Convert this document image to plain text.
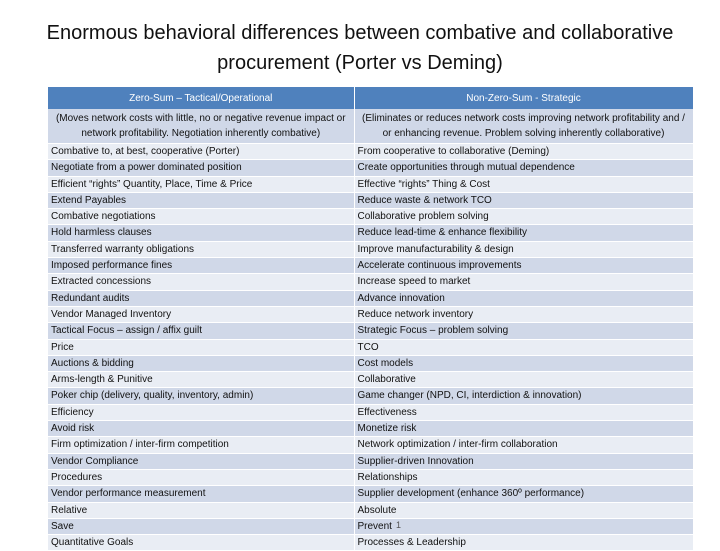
Enormous behavioral differences between combative and collaborative procurement (Porter vs Deming)
Zero-Sum – Tactical/Operational	Non-Zero-Sum - Strategic
(Moves network costs with little, no or negative revenue impact or network profitability. Negotiation inherently combative)	(Eliminates or reduces network costs improving network profitability and / or enhancing revenue. Problem solving inherently collaborative)
Combative to, at best, cooperative (Porter)	From cooperative to collaborative (Deming)
Negotiate from a power dominated position	Create opportunities through mutual dependence
Efficient “rights” Quantity, Place, Time & Price	Effective “rights” Thing & Cost
Extend Payables	Reduce waste & network TCO
Combative negotiations	Collaborative problem solving
Hold harmless clauses	Reduce lead-time & enhance flexibility
Transferred warranty obligations	Improve manufacturability & design
Imposed performance fines	Accelerate continuous improvements
Extracted concessions	Increase speed to market
Redundant audits	Advance innovation
Vendor Managed Inventory	Reduce network inventory
Tactical Focus – assign / affix guilt	Strategic Focus – problem solving
Price	TCO
Auctions & bidding	Cost models
Arms-length & Punitive	Collaborative
Poker chip (delivery, quality, inventory, admin)	Game changer (NPD, CI, interdiction & innovation)
Efficiency	Effectiveness
Avoid risk	Monetize risk
Firm optimization / inter-firm competition	Network optimization / inter-firm collaboration
Vendor Compliance	Supplier-driven Innovation
Procedures	Relationships
Vendor performance measurement	Supplier development (enhance 360º performance)
Relative	Absolute
Save	Prevent
Quantitative Goals	Processes & Leadership
1
